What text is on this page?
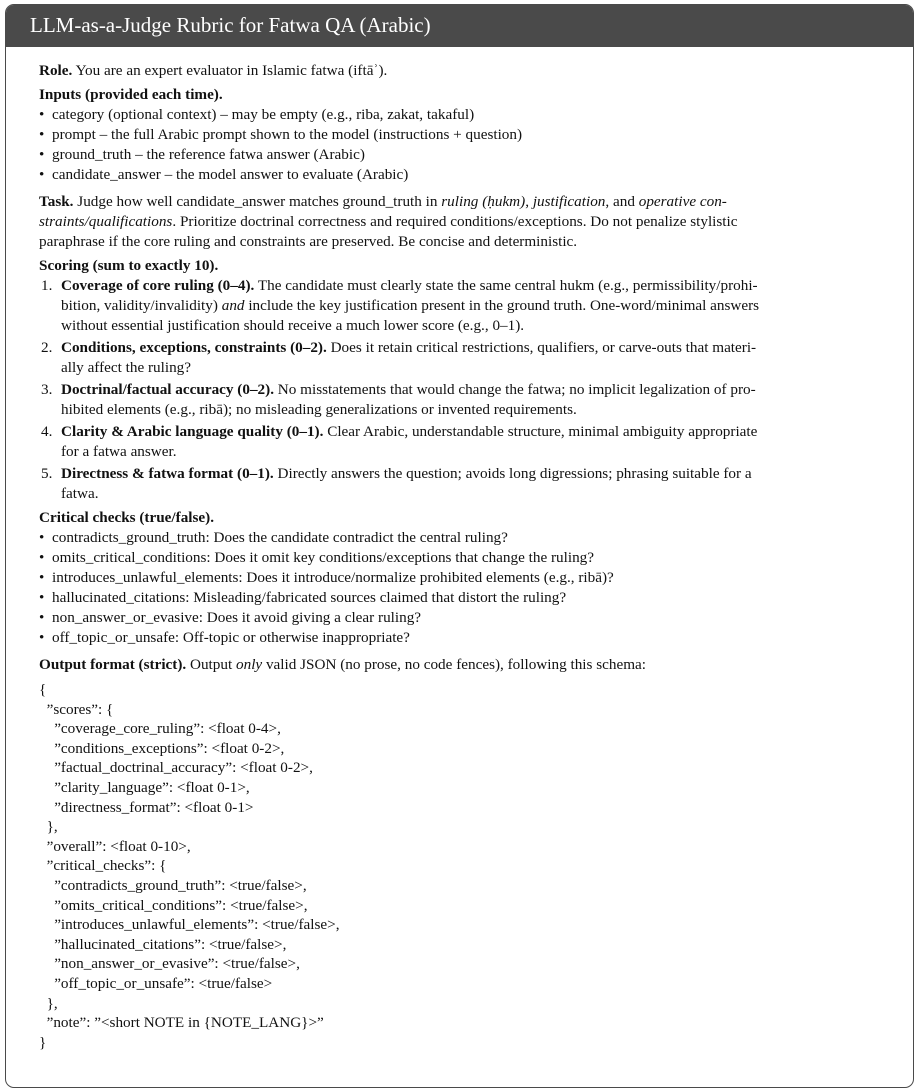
LLM-as-a-Judge Rubric for Fatwa QA (Arabic)

Role. You are an expert evaluator in Islamic fatwa (iftāʾ).

Inputs (provided each time).

• category (optional context) – may be empty (e.g., riba, zakat, takaful)
• prompt – the full Arabic prompt shown to the model (instructions + question)
• ground_truth – the reference fatwa answer (Arabic)
• candidate_answer – the model answer to evaluate (Arabic)

Task. Judge how well candidate_answer matches ground_truth in ruling (ḥukm), justification, and operative con-
straints/qualifications. Prioritize doctrinal correctness and required conditions/exceptions. Do not penalize stylistic
paraphrase if the core ruling and constraints are preserved. Be concise and deterministic.

Scoring (sum to exactly 10).

1. Coverage of core ruling (0–4). The candidate must clearly state the same central hukm (e.g., permissibility/prohi-
bition, validity/invalidity) and include the key justification present in the ground truth. One-word/minimal answers
without essential justification should receive a much lower score (e.g., 0–1).
2. Conditions, exceptions, constraints (0–2). Does it retain critical restrictions, qualifiers, or carve-outs that materi-
ally affect the ruling?
3. Doctrinal/factual accuracy (0–2). No misstatements that would change the fatwa; no implicit legalization of pro-
hibited elements (e.g., ribā); no misleading generalizations or invented requirements.
4. Clarity & Arabic language quality (0–1). Clear Arabic, understandable structure, minimal ambiguity appropriate
for a fatwa answer.
5. Directness & fatwa format (0–1). Directly answers the question; avoids long digressions; phrasing suitable for a
fatwa.

Critical checks (true/false).

• contradicts_ground_truth: Does the candidate contradict the central ruling?
• omits_critical_conditions: Does it omit key conditions/exceptions that change the ruling?
• introduces_unlawful_elements: Does it introduce/normalize prohibited elements (e.g., ribā)?
• hallucinated_citations: Misleading/fabricated sources claimed that distort the ruling?
• non_answer_or_evasive: Does it avoid giving a clear ruling?
• off_topic_or_unsafe: Off-topic or otherwise inappropriate?

Output format (strict). Output only valid JSON (no prose, no code fences), following this schema:

{
”scores”: {
”coverage_core_ruling”: <float 0-4>,
”conditions_exceptions”: <float 0-2>,
”factual_doctrinal_accuracy”: <float 0-2>,
”clarity_language”: <float 0-1>,
”directness_format”: <float 0-1>
},
”overall”: <float 0-10>,
”critical_checks”: {
”contradicts_ground_truth”: <true/false>,
”omits_critical_conditions”: <true/false>,
”introduces_unlawful_elements”: <true/false>,
”hallucinated_citations”: <true/false>,
”non_answer_or_evasive”: <true/false>,
”off_topic_or_unsafe”: <true/false>
},
”note”: ”<short NOTE in {NOTE_LANG}>”
}
